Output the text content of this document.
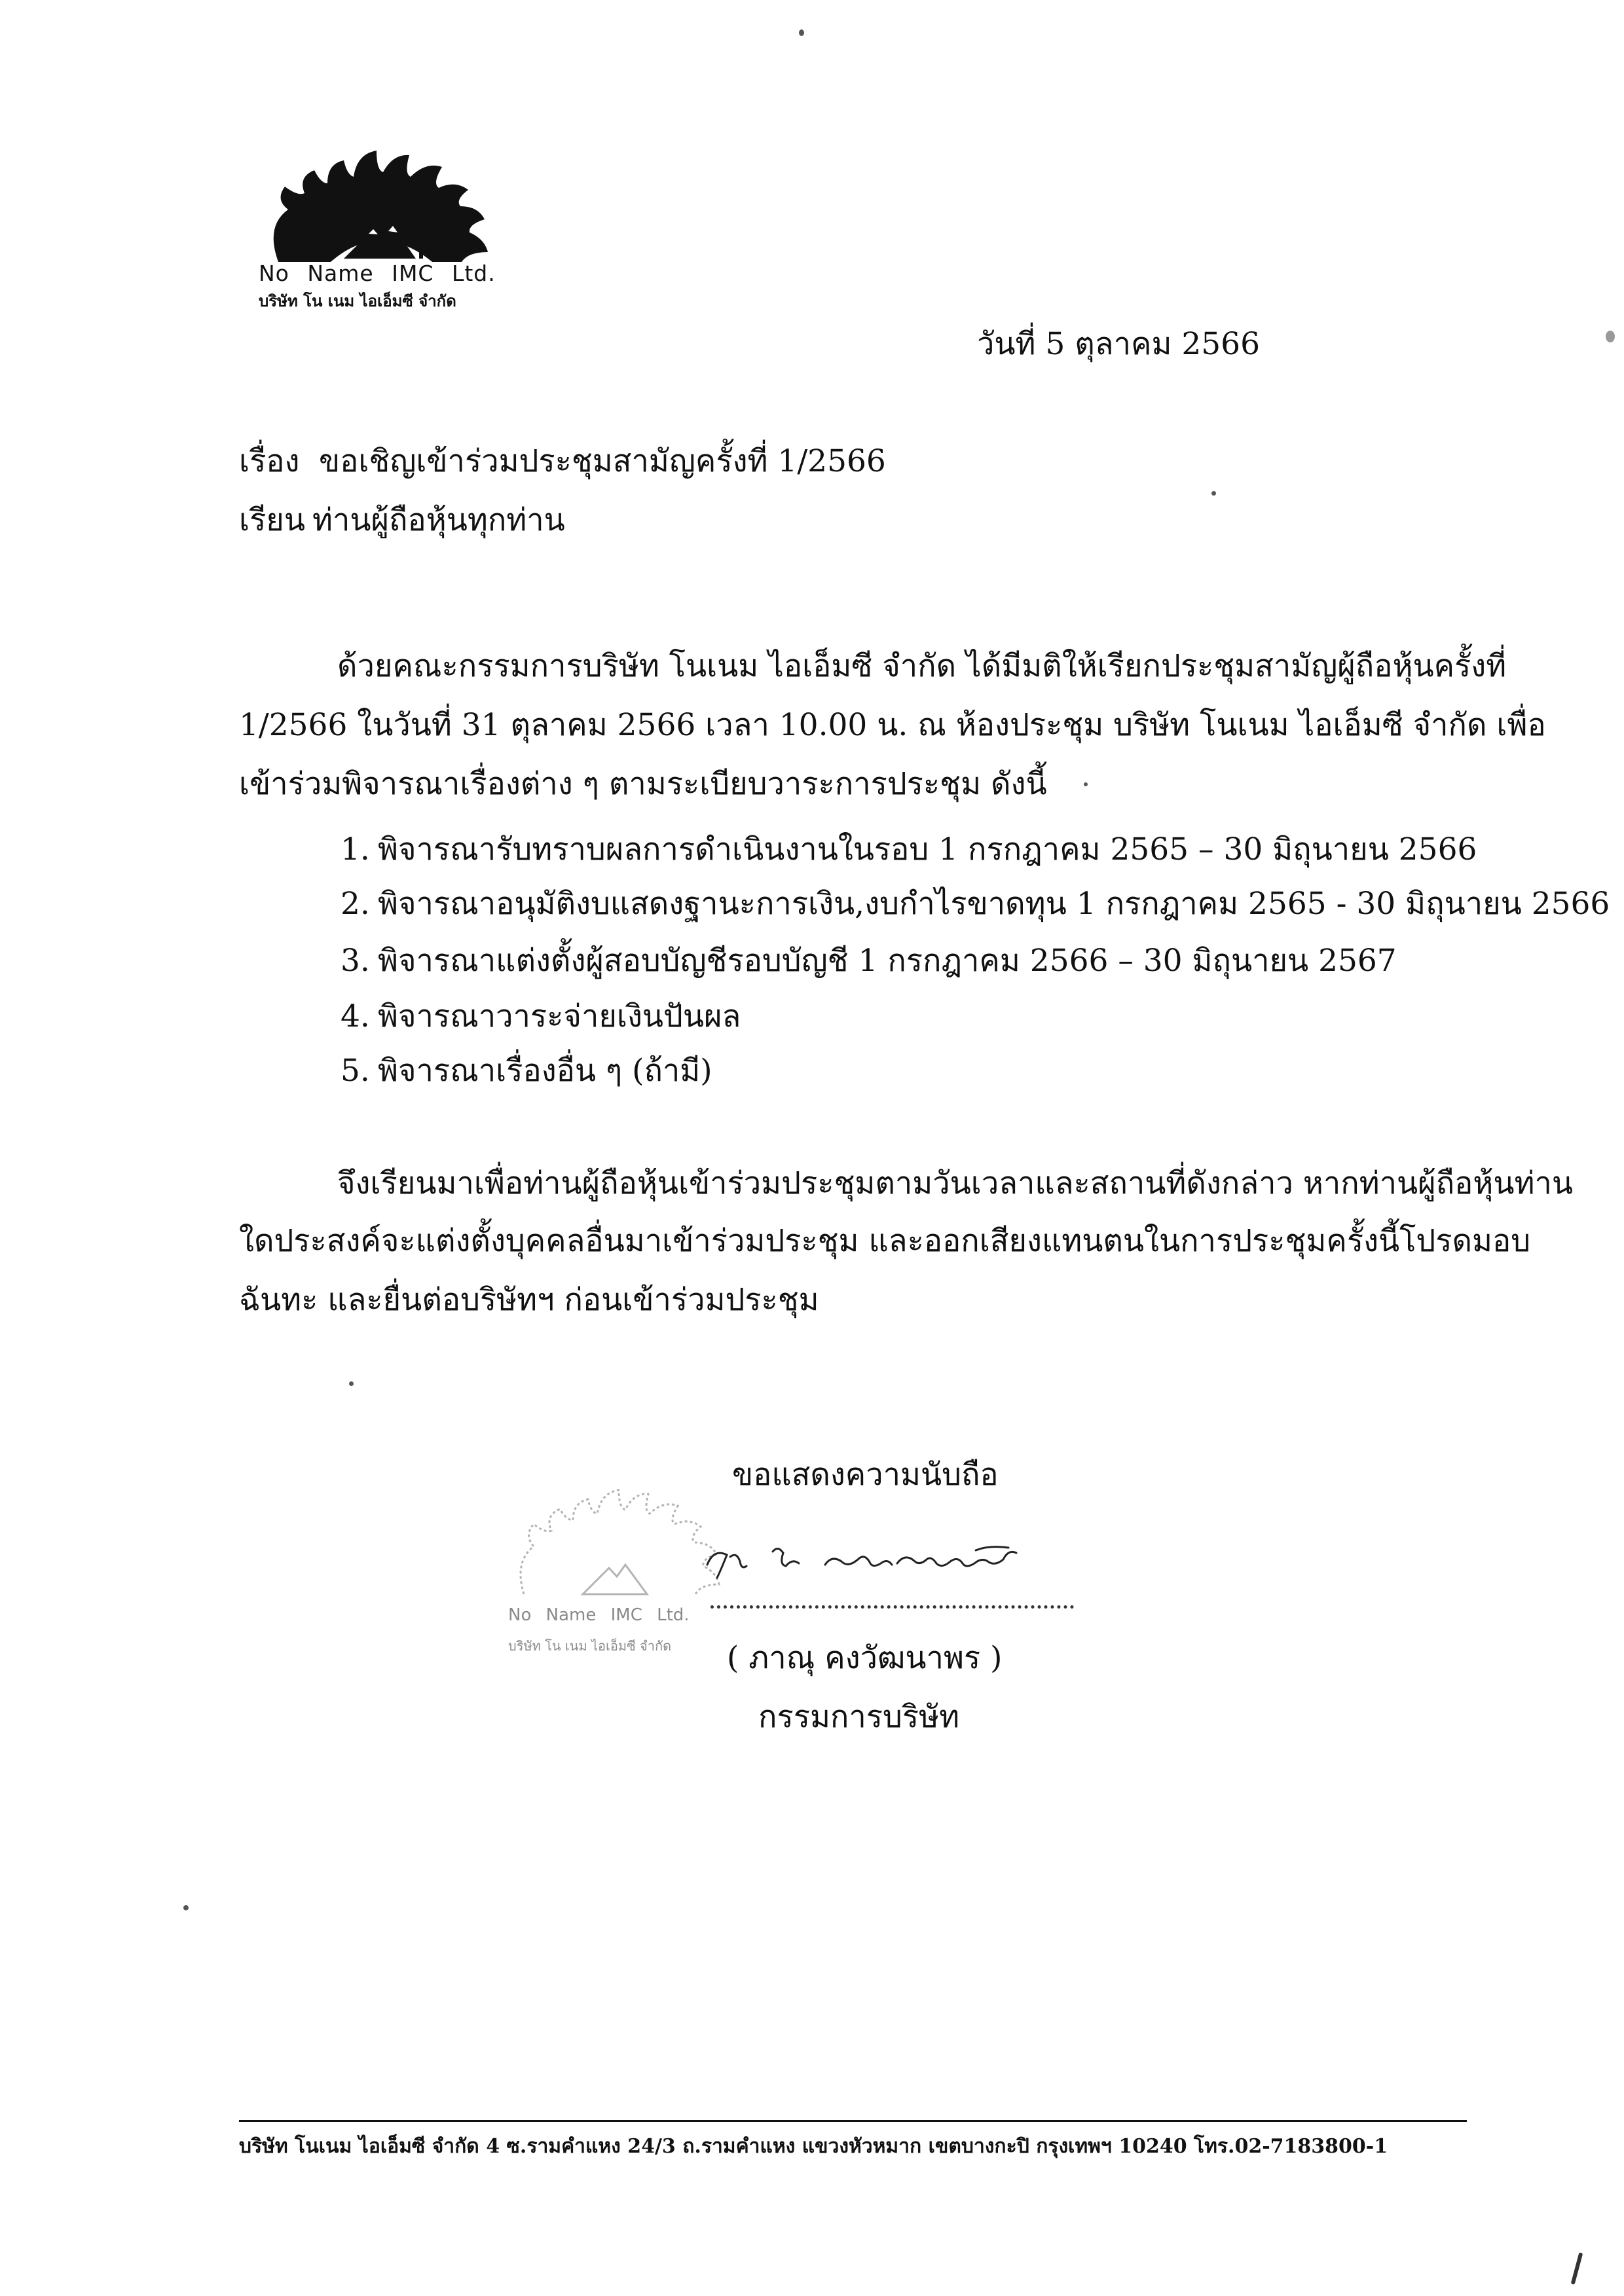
No Name IMC Ltd.
บริษัท โน เนม ไอเอ็มซี จำกัด
วันที่ 5 ตุลาคม 2566
เรื่อง ขอเชิญเข้าร่วมประชุมสามัญครั้งที่ 1/2566
เรียน ท่านผู้ถือหุ้นทุกท่าน
ด้วยคณะกรรมการบริษัท โนเนม ไอเอ็มซี จำกัด ได้มีมติให้เรียกประชุมสามัญผู้ถือหุ้นครั้งที่
1/2566 ในวันที่ 31 ตุลาคม 2566 เวลา 10.00 น. ณ ห้องประชุม บริษัท โนเนม ไอเอ็มซี จำกัด เพื่อ
เข้าร่วมพิจารณาเรื่องต่าง ๆ ตามระเบียบวาระการประชุม ดังนี้
1. พิจารณารับทราบผลการดำเนินงานในรอบ 1 กรกฎาคม 2565 – 30 มิถุนายน 2566
2. พิจารณาอนุมัติงบแสดงฐานะการเงิน,งบกำไรขาดทุน 1 กรกฎาคม 2565 - 30 มิถุนายน 2566
3. พิจารณาแต่งตั้งผู้สอบบัญชีรอบบัญชี 1 กรกฎาคม 2566 – 30 มิถุนายน 2567
4. พิจารณาวาระจ่ายเงินปันผล
5. พิจารณาเรื่องอื่น ๆ (ถ้ามี)
จึงเรียนมาเพื่อท่านผู้ถือหุ้นเข้าร่วมประชุมตามวันเวลาและสถานที่ดังกล่าว หากท่านผู้ถือหุ้นท่าน
ใดประสงค์จะแต่งตั้งบุคคลอื่นมาเข้าร่วมประชุม และออกเสียงแทนตนในการประชุมครั้งนี้โปรดมอบ
ฉันทะ และยื่นต่อบริษัทฯ ก่อนเข้าร่วมประชุม
ขอแสดงความนับถือ
No Name IMC Ltd.
บริษัท โน เนม ไอเอ็มซี จำกัด ( ภาณุ คงวัฒนาพร )
กรรมการบริษัท
บริษัท โนเนม ไอเอ็มซี จำกัด 4 ซ.รามคำแหง 24/3 ถ.รามคำแหง แขวงหัวหมาก เขตบางกะปิ กรุงเทพฯ 10240 โทร.02-7183800-1
